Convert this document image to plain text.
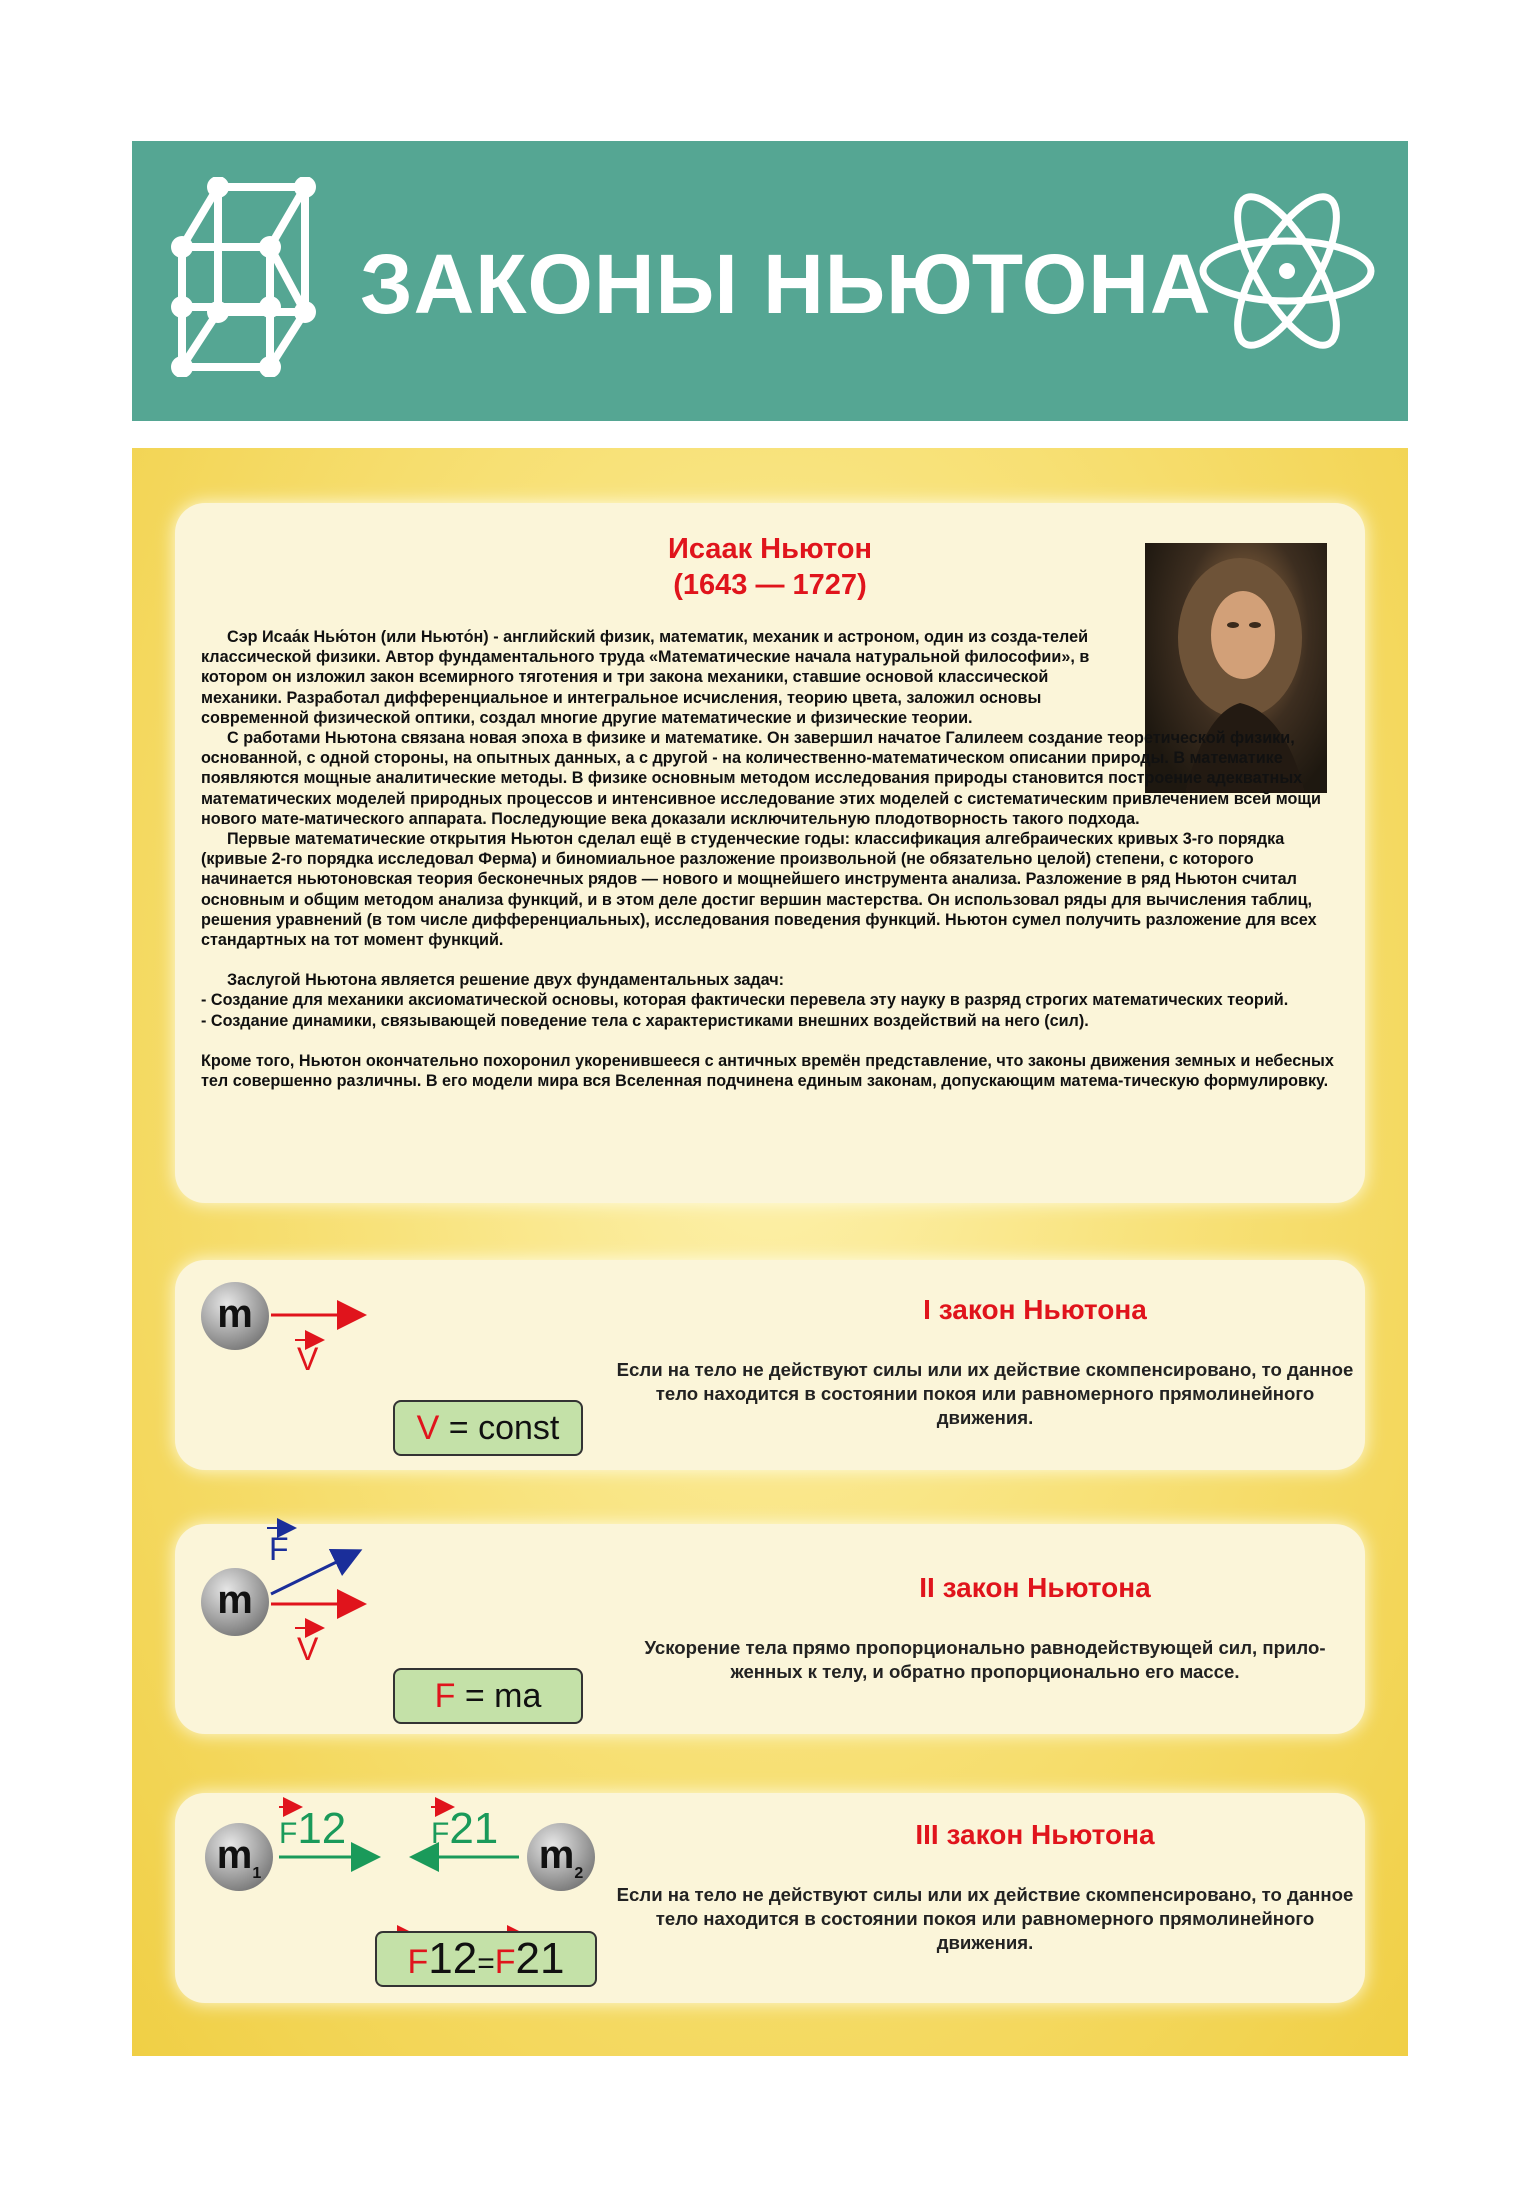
ЗАКОНЫ НЬЮТОНА
Исаак Ньютон
(1643 — 1727)

Сэр Исаа́к Нью́тон (или Ньюто́н) - английский физик, математик, механик и астроном, один из созда-телей классической физики. Автор фундаментального труда «Математические начала натуральной философии», в котором он изложил закон всемирного тяготения и три закона механики, ставшие основой классической механики. Разработал дифференциальное и интегральное исчисления, теорию цвета, заложил основы современной физической оптики, создал многие другие математические и физические теории.

С работами Ньютона связана новая эпоха в физике и математике. Он завершил начатое Галилеем создание теоретической физики, основанной, с одной стороны, на опытных данных, а с другой - на количественно-математическом описании природы. В математике появляются мощные аналитические методы. В физике основным методом исследования природы становится построение адекватных математических моделей природных процессов и интенсивное исследование этих моделей с систематическим привлечением всей мощи нового мате-матического аппарата. Последующие века доказали исключительную плодотворность такого подхода.

Первые математические открытия Ньютон сделал ещё в студенческие годы: классификация алгебраических кривых 3-го порядка (кривые 2-го порядка исследовал Ферма) и биномиальное разложение произвольной (не обязательно целой) степени, с которого начинается ньютоновская теория бесконечных рядов — нового и мощнейшего инструмента анализа. Разложение в ряд Ньютон считал основным и общим методом анализа функций, и в этом деле достиг вершин мастерства. Он использовал ряды для вычисления таблиц, решения уравнений (в том числе дифференциальных), исследования поведения функций. Ньютон сумел получить разложение для всех стандартных на тот момент функций.

Заслугой Ньютона является решение двух фундаментальных задач:

- Создание для механики аксиоматической основы, которая фактически перевела эту науку в разряд строгих математических теорий.

- Создание динамики, связывающей поведение тела с характеристиками внешних воздействий на него (сил).

Кроме того, Ньютон окончательно похоронил укоренившееся с античных времён представление, что законы движения земных и небесных тел совершенно различны. В его модели мира вся Вселенная подчинена единым законам, допускающим матема-тическую формулировку.

m
V
V = const
I закон Ньютона
Если на тело не действуют силы или их действие скомпенсировано, то данное тело находится в состоянии покоя или равномерного прямолинейного движения.
m
F
V
F = ma
II закон Ньютона
Ускорение тела прямо пропорционально равнодействующей сил, прило-женных к телу, и обратно пропорционально его массе.
$m_1$	$m_2$
F12	F21
F12=F21
III закон Ньютона
Если на тело не действуют силы или их действие скомпенсировано, то данное тело находится в состоянии покоя или равномерного прямолинейного движения.
